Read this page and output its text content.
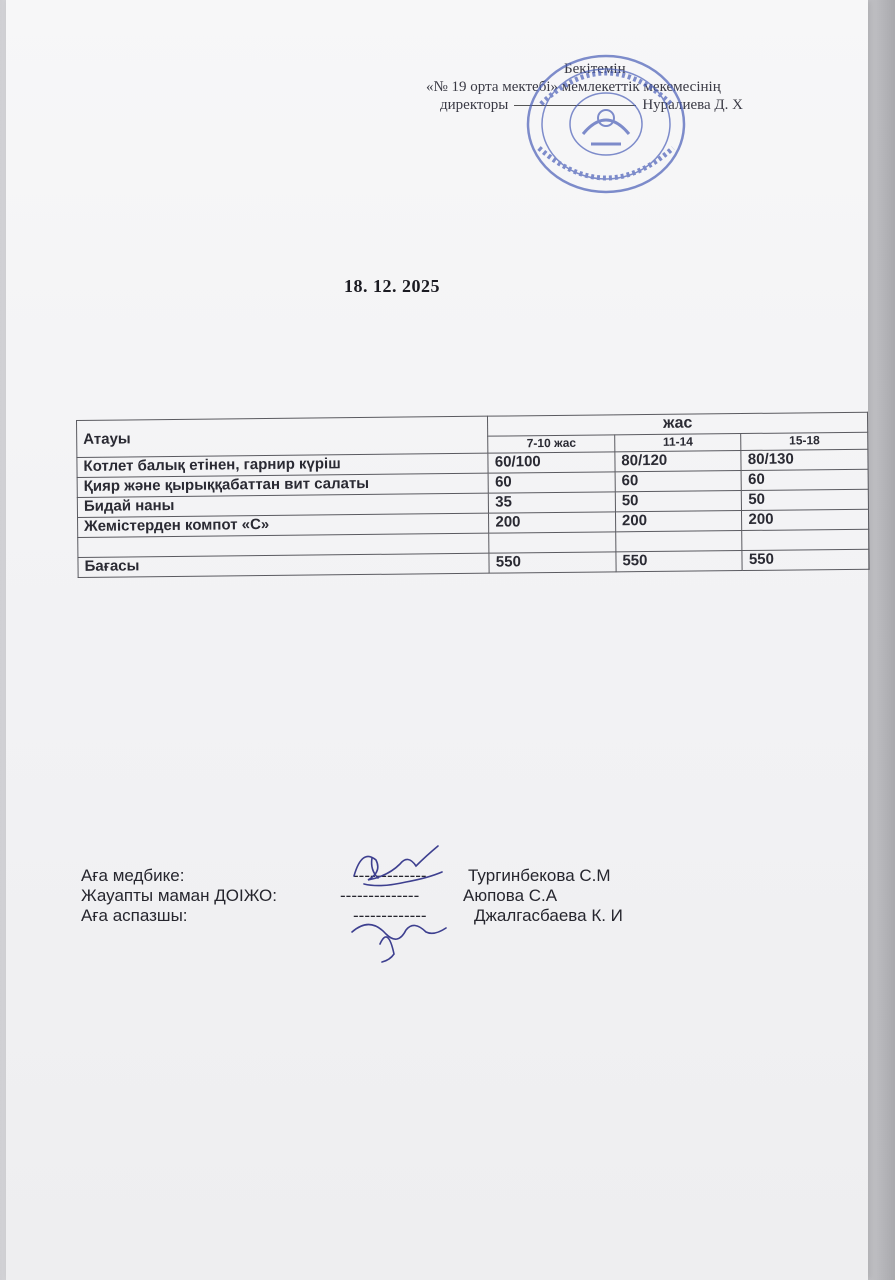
Бекітемін
«№ 19 орта мектебі» мемлекеттік мекемесінің
директоры	Нуралиева Д. Х
18. 12. 2025
Атауы	жас		
	7-10 жас	11-14	15-18
Котлет балық етінен, гарнир күріш	60/100	80/120	80/130
Қияр және қырыққабаттан вит салаты	60	60	60
Бидай наны	35	50	50
Жемістерден компот «С»	200	200	200

Бағасы	550	550	550
Аға медбике:	------------- Тургинбекова С.М
Жауапты маман ДОІЖО:	--------------	Аюпова С.А
Аға аспазшы:	-------------	Джалгасбаева К. И
